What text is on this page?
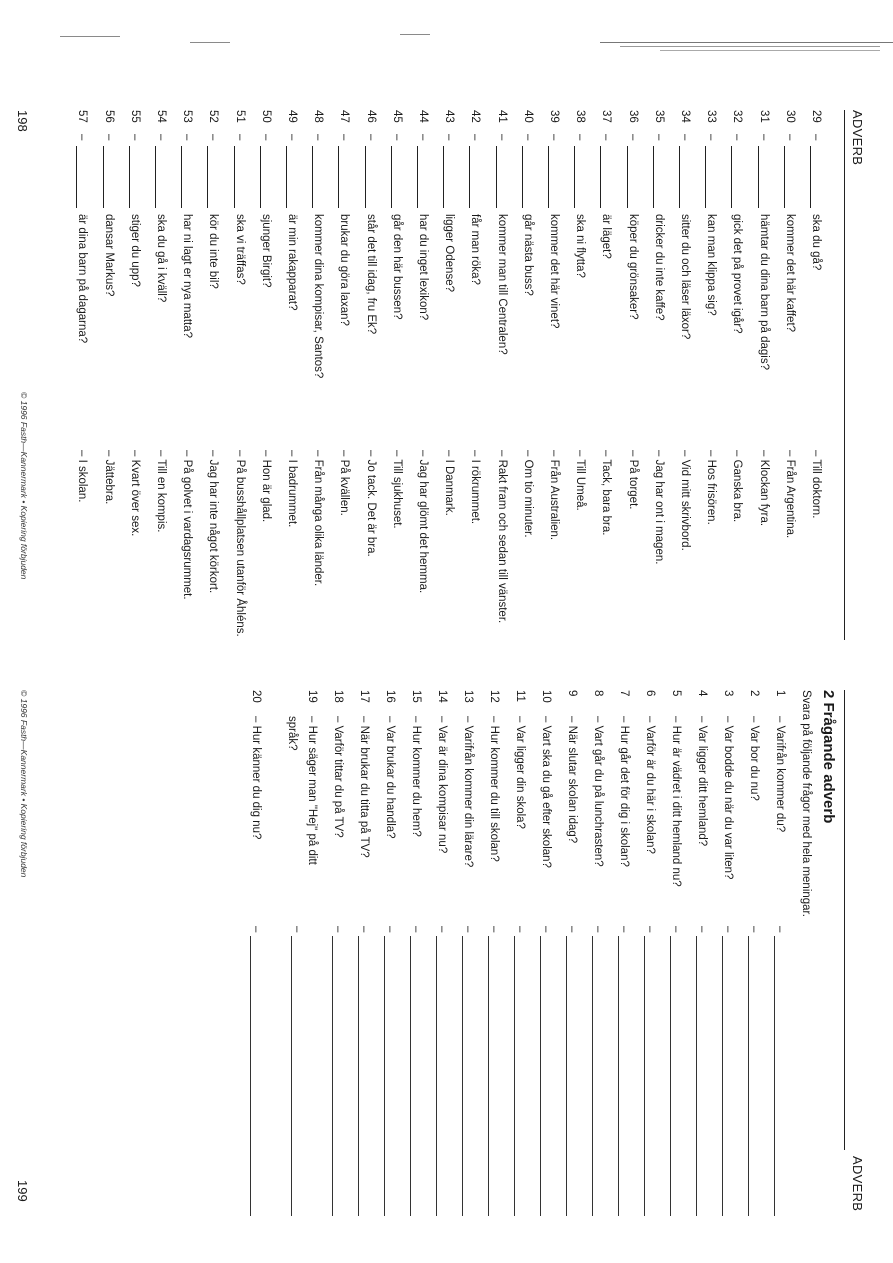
ADVERB
29
–
ska du gå?
– Till doktorn.
30
–
kommer det här kaffet?
– Från Argentina.
31
–
hämtar du dina barn på dagis?
– Klockan fyra.
32
–
gick det på provet igår?
– Ganska bra.
33
–
kan man klippa sig?
– Hos frisören.
34
–
sitter du och läser läxor?
– Vid mitt skrivbord.
35
–
dricker du inte kaffe?
– Jag har ont i magen.
36
–
köper du grönsaker?
– På torget.
37
–
är läget?
– Tack, bara bra.
38
–
ska ni flytta?
– Till Umeå.
39
–
kommer det här vinet?
– Från Australien.
40
–
går nästa buss?
– Om tio minuter.
41
–
kommer man till Centralen?
– Rakt fram och sedan till vänster.
42
–
får man röka?
– I rökrummet.
43
–
ligger Odense?
– I Danmark.
44
–
har du inget lexikon?
– Jag har glömt det hemma.
45
–
går den här bussen?
– Till sjukhuset.
46
–
står det till idag, fru Ek?
– Jo tack. Det är bra.
47
–
brukar du göra laxan?
– På kvällen.
48
–
kommer dina kompisar, Santos?
– Från många olika länder.
49
–
är min rakapparat?
– I badrummet.
50
–
sjunger Birgit?
– Hon är glad.
51
–
ska vi träffas?
– På busshållplatsen utanför Åhléns.
52
–
kör du inte bil?
– Jag har inte något körkort.
53
–
har ni lagt er nya matta?
– På golvet i vardagsrummet.
54
–
ska du gå i kväll?
– Till en kompis.
55
–
stiger du upp?
– Kvart över sex.
56
–
dansar Markus?
– Jättebra.
57
–
är dina barn på dagarna?
– I skolan.
198
© 1996 Fasth—Kannermark • Kopiering förbjuden
ADVERB
2 Frågande adverb
Svara på följande frågor med hela meningar.
1– Varifrån kommer du?
–
2– Var bor du nu?
–
3– Var bodde du när du var liten?
–
4– Var ligger ditt hemland?
–
5– Hur är vädret i ditt hemland nu?
–
6– Varför är du här i skolan?
–
7– Hur går det för dig i skolan?
–
8– Vart går du på lunchrasten?
–
9– När slutar skolan idag?
–
10– Vart ska du gå efter skolan?
–
11– Var ligger din skola?
–
12– Hur kommer du till skolan?
–
13– Varifrån kommer din lärare?
–
14– Var är dina kompisar nu?
–
15– Hur kommer du hem?
–
16– Var brukar du handla?
–
17– När brukar du titta på TV?
–
18– Varför tittar du på TV?
–
19– Hur säger man "Hej" på ditt
–
språk?
20– Hur känner du dig nu?
–
© 1996 Fasth—Kannermark • Kopiering förbjuden
199
